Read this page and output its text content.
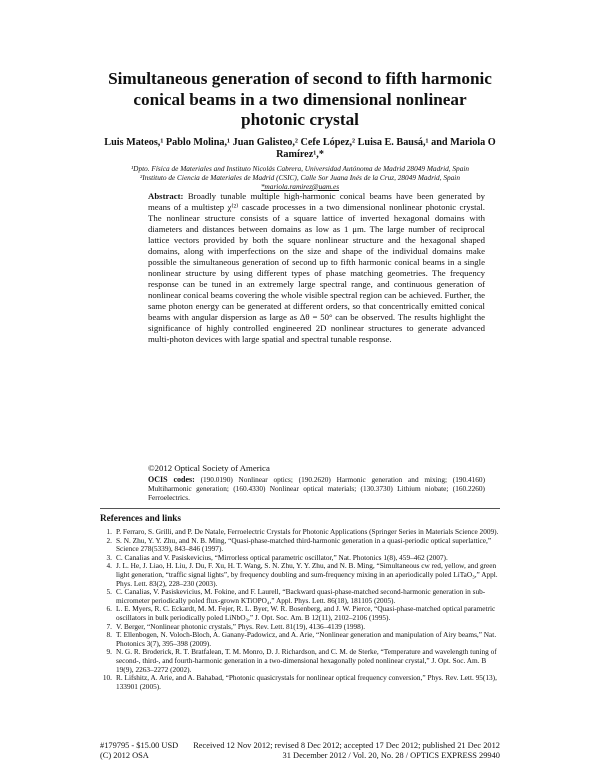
Simultaneous generation of second to fifth harmonic conical beams in a two dimensional nonlinear photonic crystal
Luis Mateos,¹ Pablo Molina,¹ Juan Galisteo,² Cefe López,² Luisa E. Bausá,¹ and Mariola O Ramírez¹,*
¹Dpto. Física de Materiales and Instituto Nicolás Cabrera, Universidad Autónoma de Madrid 28049 Madrid, Spain
²Instituto de Ciencia de Materiales de Madrid (CSIC), Calle Sor Juana Inés de la Cruz, 28049 Madrid, Spain
*mariola.ramirez@uam.es
Abstract: Broadly tunable multiple high-harmonic conical beams have been generated by means of a multistep χ⁽²⁾ cascade processes in a two dimensional nonlinear photonic crystal. The nonlinear structure consists of a square lattice of inverted hexagonal domains with diameters and distances between domains as low as 1 μm. The large number of reciprocal lattice vectors provided by both the square nonlinear structure and the hexagonal shaped domains, along with imperfections on the size and shape of the individual domains make possible the simultaneous generation of second up to fifth harmonic conical beams in a single nonlinear structure by using different types of phase matching geometries. The frequency response can be tuned in an extremely large spectral range, and continuous generation of nonlinear conical beams covering the whole visible spectral region can be achieved. Further, the same photon energy can be generated at different orders, so that concentrically emitted conical beams with angular dispersion as large as Δθ = 50° can be observed. The results highlight the significance of highly controlled engineered 2D nonlinear structures to generate advanced multi-photon devices with large spatial and spectral tunable response.
©2012 Optical Society of America
OCIS codes: (190.0190) Nonlinear optics; (190.2620) Harmonic generation and mixing; (190.4160) Multiharmonic generation; (160.4330) Nonlinear optical materials; (130.3730) Lithium niobate; (160.2260) Ferroelectrics.
References and links
1. P. Ferraro, S. Grilli, and P. De Natale, Ferroelectric Crystals for Photonic Applications (Springer Series in Materials Science 2009).
2. S. N. Zhu, Y. Y. Zhu, and N. B. Ming, “Quasi-phase-matched third-harmonic generation in a quasi-periodic optical superlattice,” Science 278(5339), 843–846 (1997).
3. C. Canalias and V. Pasiskevicius, “Mirrorless optical parametric oscillator,” Nat. Photonics 1(8), 459–462 (2007).
4. J. L. He, J. Liao, H. Liu, J. Du, F. Xu, H. T. Wang, S. N. Zhu, Y. Y. Zhu, and N. B. Ming, “Simultaneous cw red, yellow, and green light generation, “traffic signal lights”, by frequency doubling and sum-frequency mixing in an aperiodically poled LiTaO₃,” Appl. Phys. Lett. 83(2), 228–230 (2003).
5. C. Canalias, V. Pasiskevicius, M. Fokine, and F. Laurell, “Backward quasi-phase-matched second-harmonic generation in sub-micrometer periodically poled flux-grown KTiOPO₄,” Appl. Phys. Lett. 86(18), 181105 (2005).
6. L. E. Myers, R. C. Eckardt, M. M. Fejer, R. L. Byer, W. R. Bosenberg, and J. W. Pierce, “Quasi-phase-matched optical parametric oscillators in bulk periodically poled LiNbO₃,” J. Opt. Soc. Am. B 12(11), 2102–2106 (1995).
7. V. Berger, “Nonlinear photonic crystals,” Phys. Rev. Lett. 81(19), 4136–4139 (1998).
8. T. Ellenbogen, N. Voloch-Bloch, A. Ganany-Padowicz, and A. Arie, “Nonlinear generation and manipulation of Airy beams,” Nat. Photonics 3(7), 395–398 (2009).
9. N. G. R. Broderick, R. T. Bratfalean, T. M. Monro, D. J. Richardson, and C. M. de Sterke, “Temperature and wavelength tuning of second-, third-, and fourth-harmonic generation in a two-dimensional hexagonally poled nonlinear crystal,” J. Opt. Soc. Am. B 19(9), 2263–2272 (2002).
10. R. Lifshitz, A. Arie, and A. Bahabad, “Photonic quasicrystals for nonlinear optical frequency conversion,” Phys. Rev. Lett. 95(13), 133901 (2005).
#179795 - $15.00 USD Received 12 Nov 2012; revised 8 Dec 2012; accepted 17 Dec 2012; published 21 Dec 2012
(C) 2012 OSA	31 December 2012 / Vol. 20, No. 28 / OPTICS EXPRESS 29940
